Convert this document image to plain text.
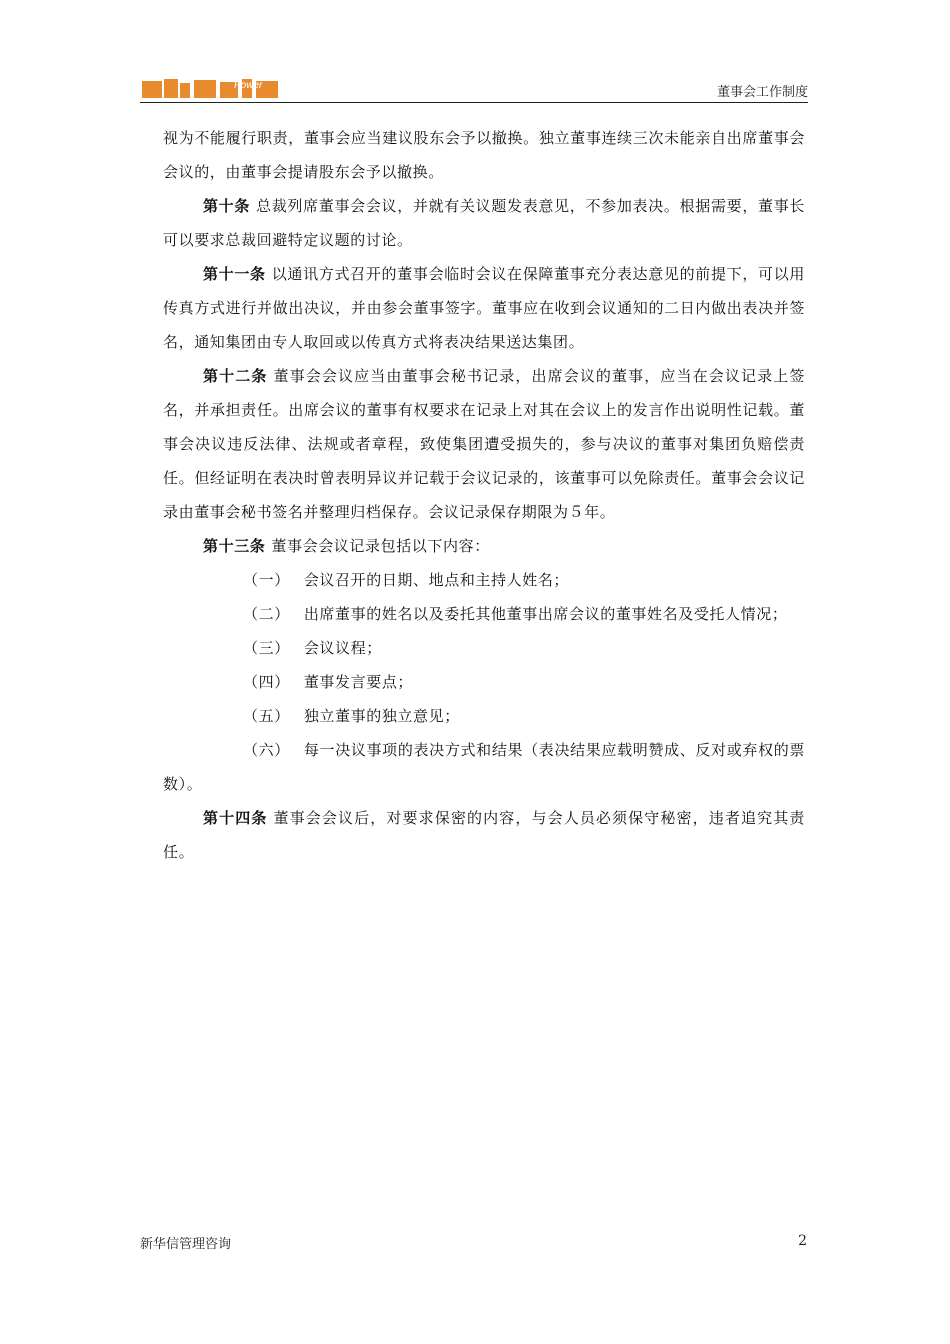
Power	董事会工作制度

视为不能履行职责，董事会应当建议股东会予以撤换。独立董事连续三次未能亲自出席董事会会议的，由董事会提请股东会予以撤换。

第十条 总裁列席董事会会议，并就有关议题发表意见，不参加表决。根据需要，董事长可以要求总裁回避特定议题的讨论。

第十一条 以通讯方式召开的董事会临时会议在保障董事充分表达意见的前提下，可以用传真方式进行并做出决议，并由参会董事签字。董事应在收到会议通知的二日内做出表决并签名，通知集团由专人取回或以传真方式将表决结果送达集团。

第十二条 董事会会议应当由董事会秘书记录，出席会议的董事，应当在会议记录上签名，并承担责任。出席会议的董事有权要求在记录上对其在会议上的发言作出说明性记载。董事会决议违反法律、法规或者章程，致使集团遭受损失的，参与决议的董事对集团负赔偿责任。但经证明在表决时曾表明异议并记载于会议记录的，该董事可以免除责任。董事会会议记录由董事会秘书签名并整理归档保存。会议记录保存期限为５年。

第十三条 董事会会议记录包括以下内容：

（一） 会议召开的日期、地点和主持人姓名；

（二） 出席董事的姓名以及委托其他董事出席会议的董事姓名及受托人情况；

（三） 会议议程；

（四） 董事发言要点；

（五） 独立董事的独立意见；

（六） 每一决议事项的表决方式和结果（表决结果应载明赞成、反对或弃权的票数）。

第十四条 董事会会议后，对要求保密的内容，与会人员必须保守秘密，违者追究其责任。

新华信管理咨询	2
